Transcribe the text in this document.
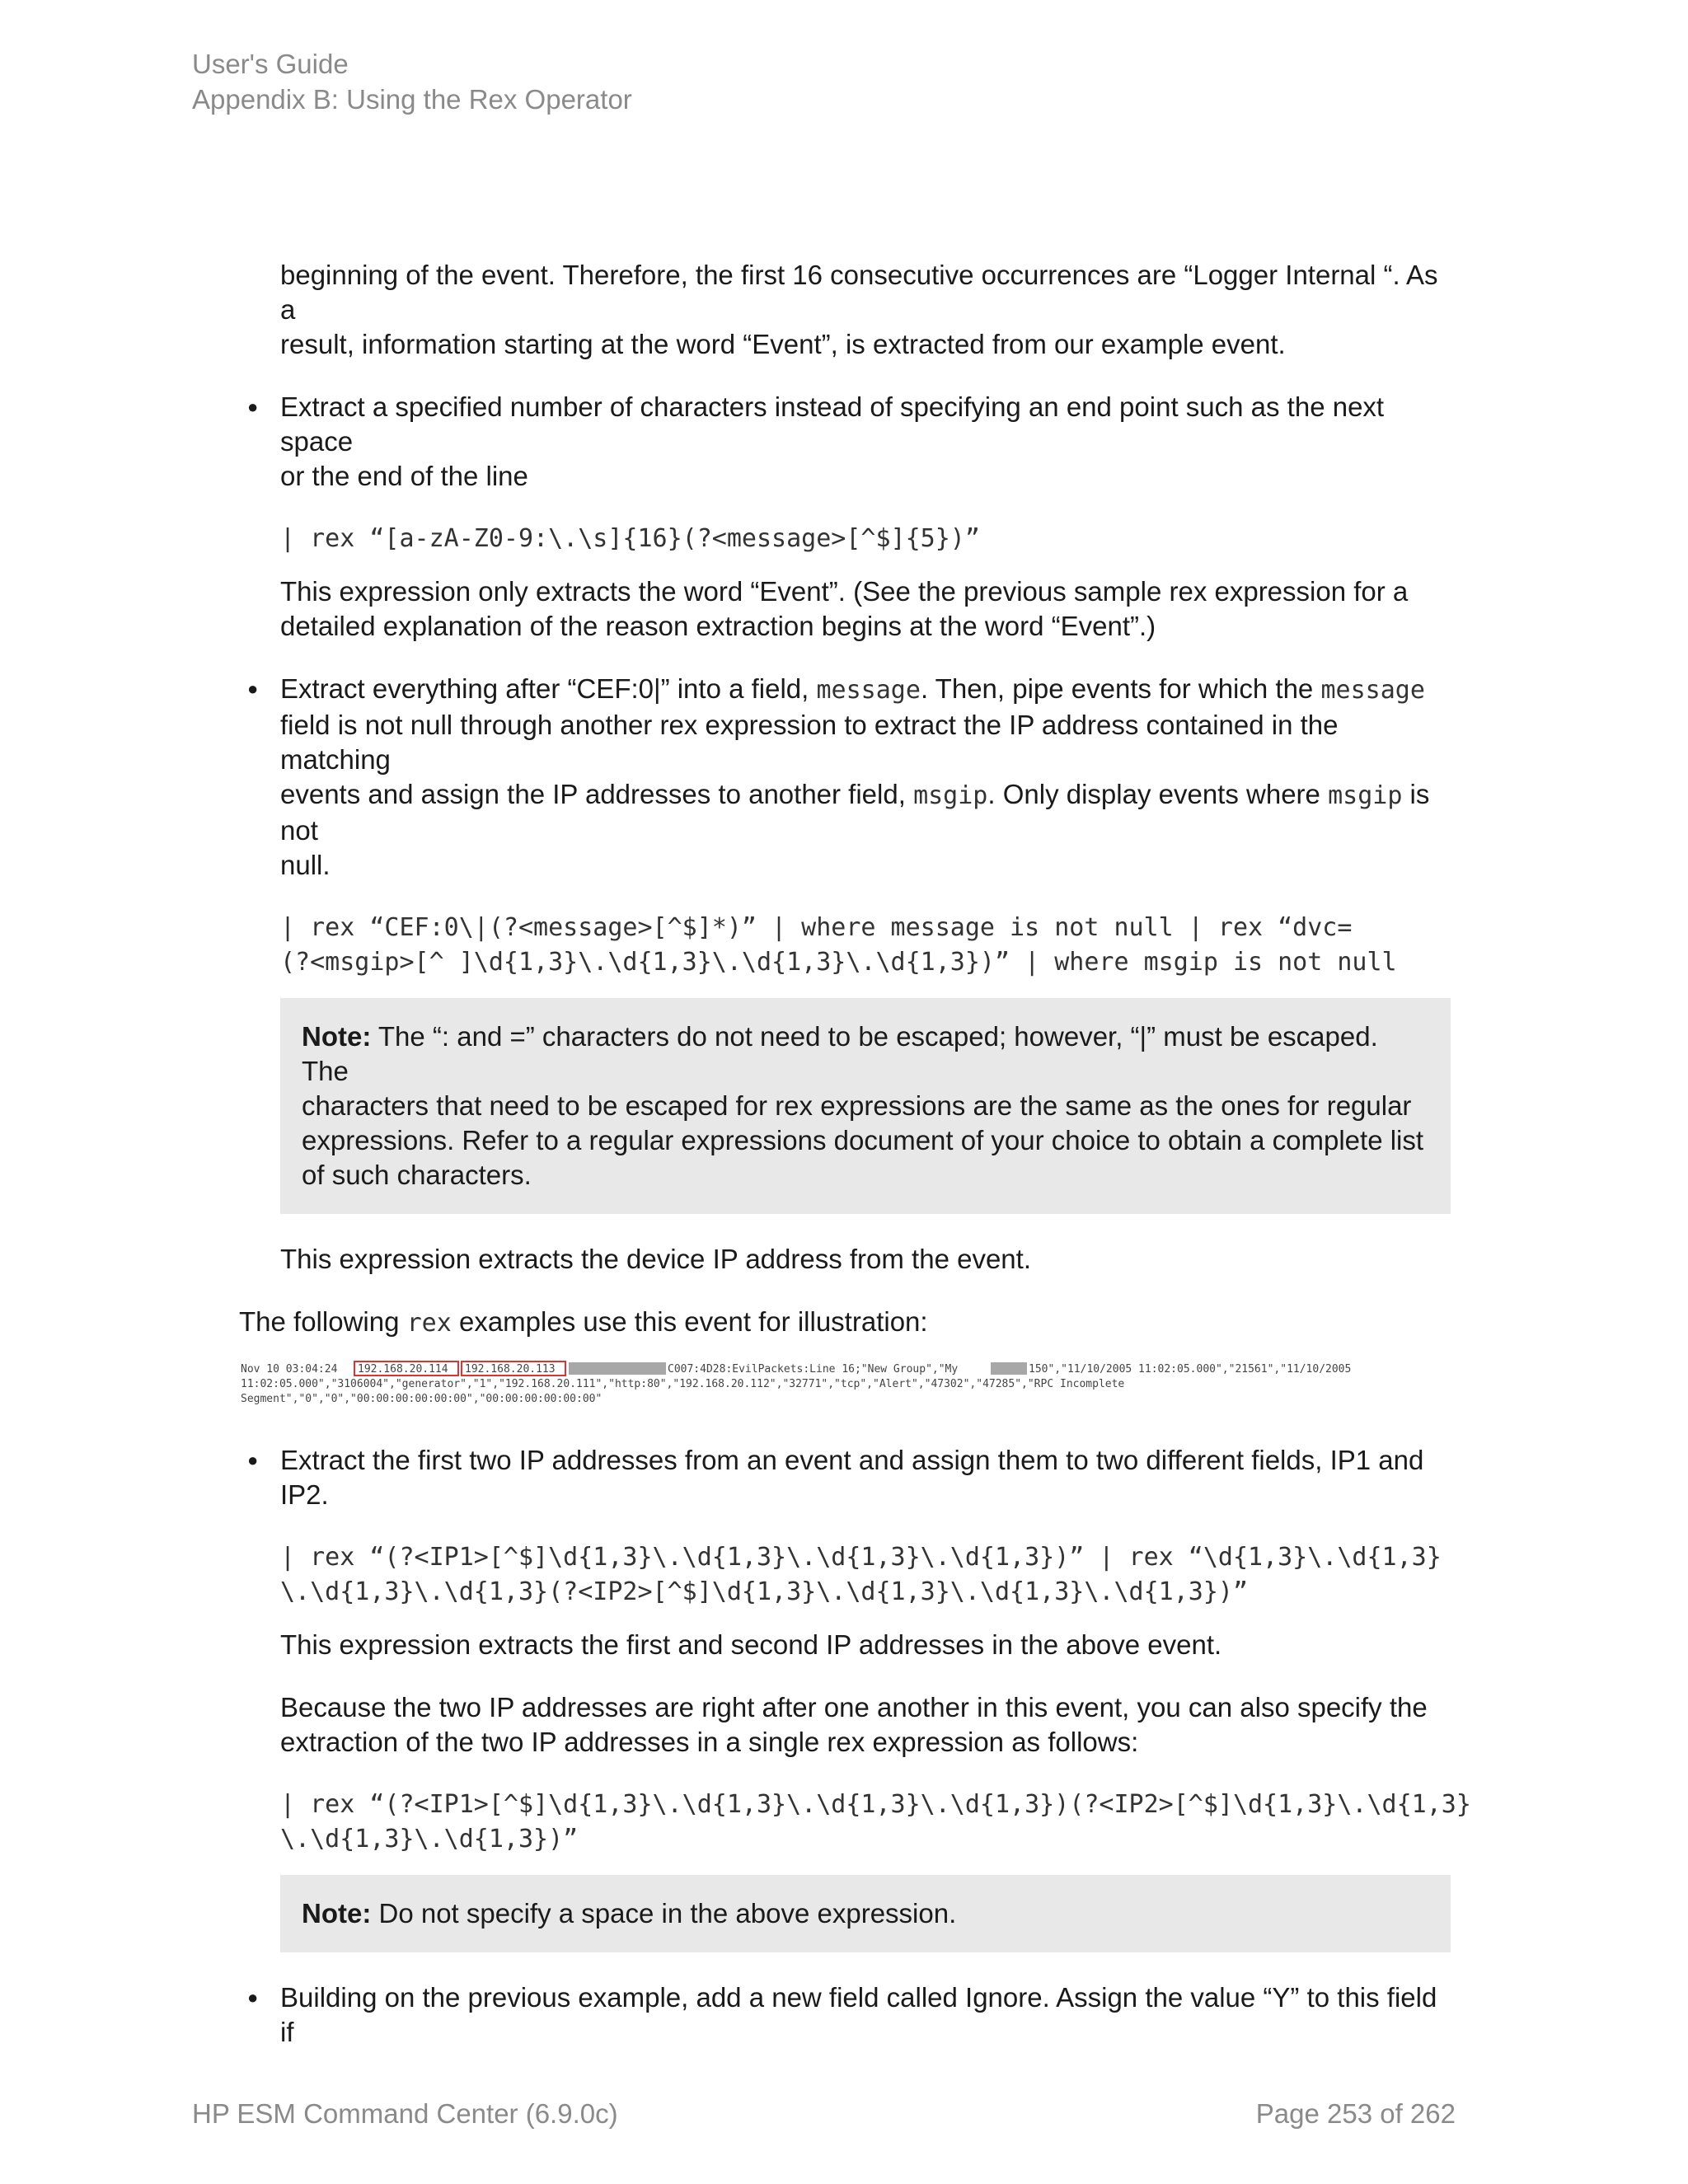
User's Guide
Appendix B: Using the Rex Operator

beginning of the event. Therefore, the first 16 consecutive occurrences are “Logger Internal “. As a
result, information starting at the word “Event”, is extracted from our example event.

● Extract a specified number of characters instead of specifying an end point such as the next space
or the end of the line

| rex “[a-zA-Z0-9:\.\s]{16}(?<message>[^$]{5})”

This expression only extracts the word “Event”. (See the previous sample rex expression for a
detailed explanation of the reason extraction begins at the word “Event”.)

● Extract everything after “CEF:0|” into a field, message. Then, pipe events for which the message
field is not null through another rex expression to extract the IP address contained in the matching
events and assign the IP addresses to another field, msgip. Only display events where msgip is not
null.

| rex “CEF:0\|(?<message>[^$]*)” | where message is not null | rex “dvc=
(?<msgip>[^ ]\d{1,3}\.\d{1,3}\.\d{1,3}\.\d{1,3})” | where msgip is not null

Note: The “: and =” characters do not need to be escaped; however, “|” must be escaped. The
characters that need to be escaped for rex expressions are the same as the ones for regular
expressions. Refer to a regular expressions document of your choice to obtain a complete list
of such characters.

This expression extracts the device IP address from the event.

The following rex examples use this event for illustration:

Nov 10 03:04:24 192.168.20.114 192.168.20.113	C007:4D28:EvilPackets:Line 16;"New Group","My	150","11/10/2005 11:02:05.000","21561","11/10/2005
11:02:05.000","3106004","generator","1","192.168.20.111","http:80","192.168.20.112","32771","tcp","Alert","47302","47285","RPC Incomplete
Segment","0","0","00:00:00:00:00:00","00:00:00:00:00:00"
● Extract the first two IP addresses from an event and assign them to two different fields, IP1 and
IP2.

| rex “(?<IP1>[^$]\d{1,3}\.\d{1,3}\.\d{1,3}\.\d{1,3})” | rex “\d{1,3}\.\d{1,3}
\.\d{1,3}\.\d{1,3}(?<IP2>[^$]\d{1,3}\.\d{1,3}\.\d{1,3}\.\d{1,3})”

This expression extracts the first and second IP addresses in the above event.

Because the two IP addresses are right after one another in this event, you can also specify the
extraction of the two IP addresses in a single rex expression as follows:

| rex “(?<IP1>[^$]\d{1,3}\.\d{1,3}\.\d{1,3}\.\d{1,3})(?<IP2>[^$]\d{1,3}\.\d{1,3}
\.\d{1,3}\.\d{1,3})”

Note: Do not specify a space in the above expression.

● Building on the previous example, add a new field called Ignore. Assign the value “Y” to this field if

HP ESM Command Center (6.9.0c)	Page 253 of 262
